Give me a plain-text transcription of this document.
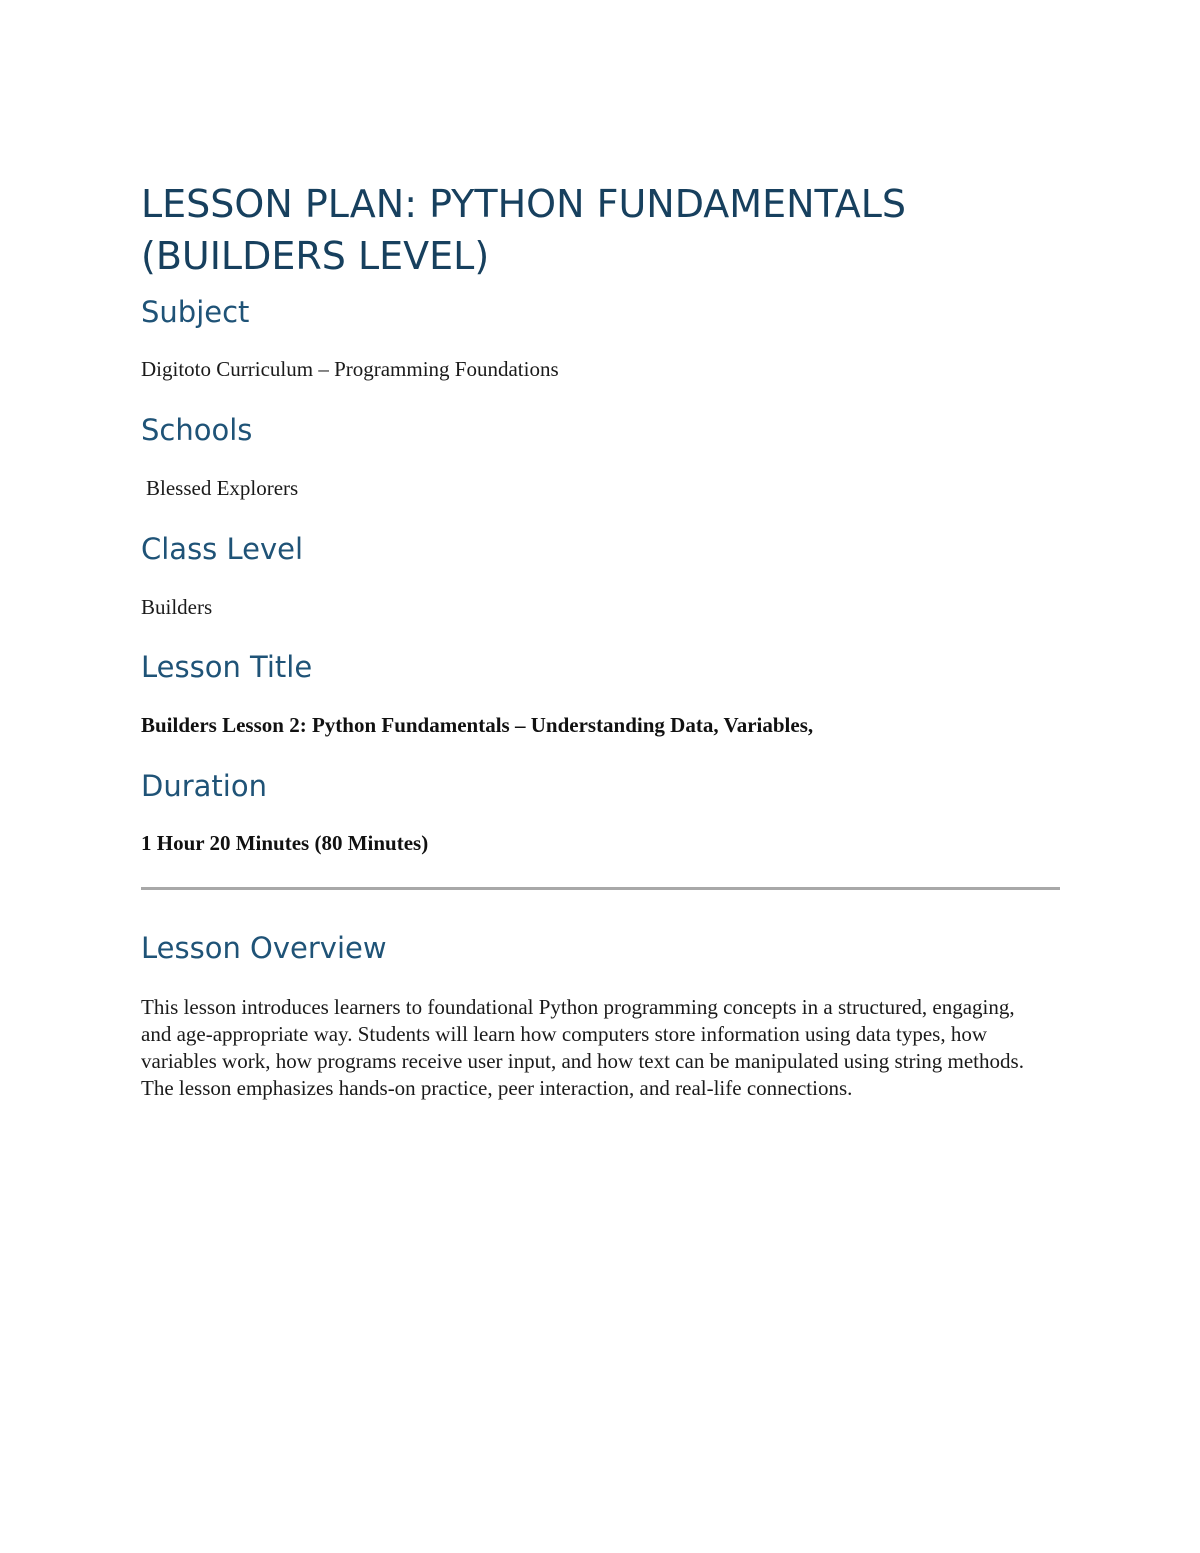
LESSON PLAN: PYTHON FUNDAMENTALS (BUILDERS LEVEL)
Subject

Digitoto Curriculum – Programming Foundations

Schools

Blessed Explorers

Class Level

Builders

Lesson Title

Builders Lesson 2: Python Fundamentals – Understanding Data, Variables,

Duration

1 Hour 20 Minutes (80 Minutes)

Lesson Overview

This lesson introduces learners to foundational Python programming concepts in a structured, engaging, and age-appropriate way. Students will learn how computers store information using data types, how variables work, how programs receive user input, and how text can be manipulated using string methods. The lesson emphasizes hands-on practice, peer interaction, and real-life connections.
